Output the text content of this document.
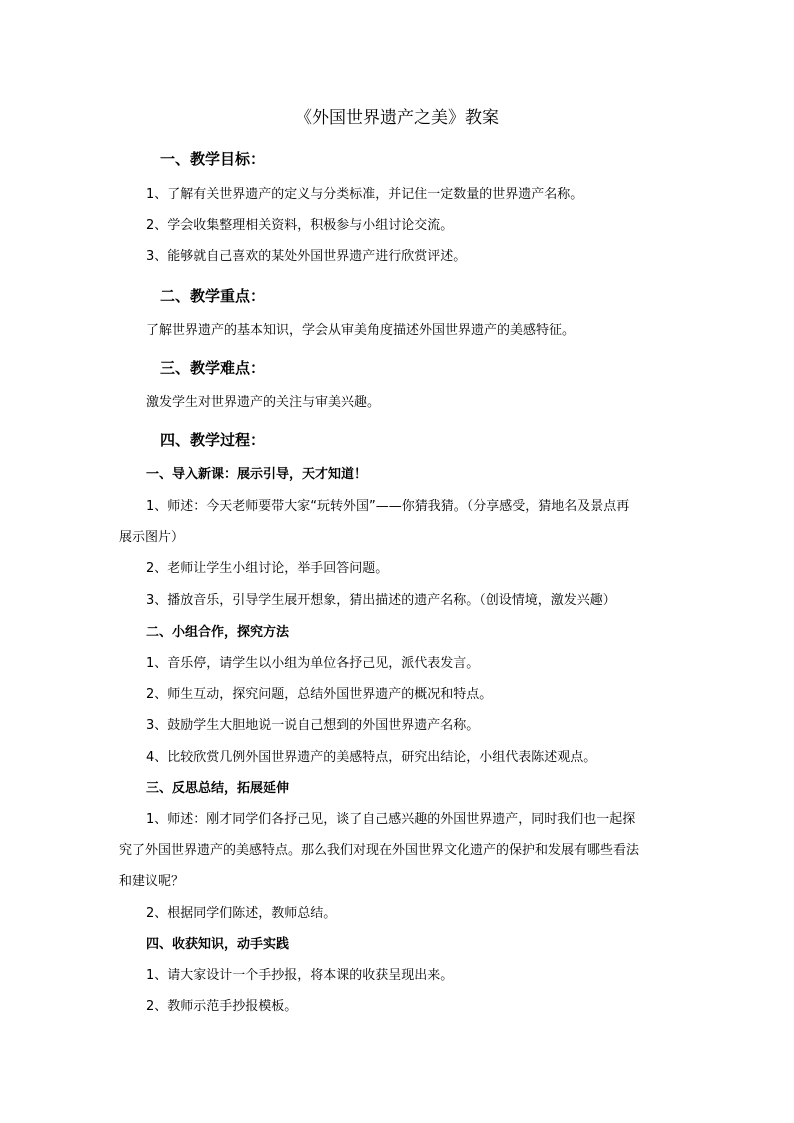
《外国世界遗产之美》教案
一、教学目标：
1、了解有关世界遗产的定义与分类标准，并记住一定数量的世界遗产名称。
2、学会收集整理相关资料，积极参与小组讨论交流。
3、能够就自己喜欢的某处外国世界遗产进行欣赏评述。
二、教学重点：
了解世界遗产的基本知识，学会从审美角度描述外国世界遗产的美感特征。
三、教学难点：
激发学生对世界遗产的关注与审美兴趣。
四、教学过程：
一、导入新课：展示引导，天才知道！
1、师述：今天老师要带大家“玩转外国”——你猜我猜。（分享感受，猜地名及景点再
展示图片）
2、老师让学生小组讨论，举手回答问题。
3、播放音乐，引导学生展开想象，猜出描述的遗产名称。（创设情境，激发兴趣）
二、小组合作，探究方法
1、音乐停，请学生以小组为单位各抒己见，派代表发言。
2、师生互动，探究问题，总结外国世界遗产的概况和特点。
3、鼓励学生大胆地说一说自己想到的外国世界遗产名称。
4、比较欣赏几例外国世界遗产的美感特点，研究出结论，小组代表陈述观点。
三、反思总结，拓展延伸
1、师述：刚才同学们各抒己见，谈了自己感兴趣的外国世界遗产，同时我们也一起探
究了外国世界遗产的美感特点。那么我们对现在外国世界文化遗产的保护和发展有哪些看法
和建议呢？
2、根据同学们陈述，教师总结。
四、收获知识，动手实践
1、请大家设计一个手抄报，将本课的收获呈现出来。
2、教师示范手抄报模板。
